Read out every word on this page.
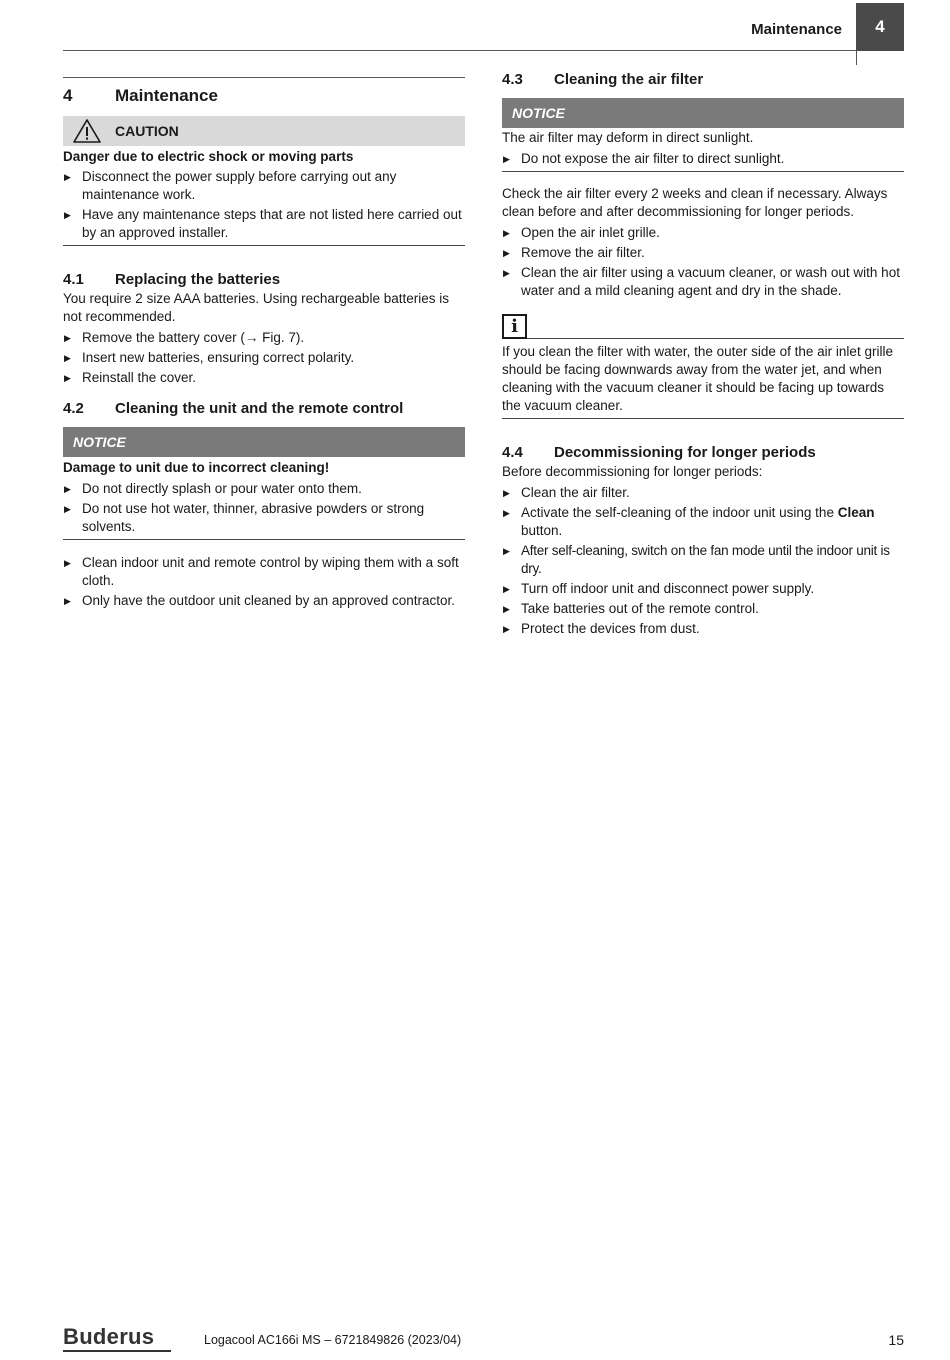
Maintenance 4
4	Maintenance
CAUTION
Danger due to electric shock or moving parts
▶ Disconnect the power supply before carrying out any maintenance work.
▶ Have any maintenance steps that are not listed here carried out by an approved installer.
4.1	Replacing the batteries

You require 2 size AAA batteries. Using rechargeable batteries is not recommended.

▶ Remove the battery cover (→ Fig. 7).
▶ Insert new batteries, ensuring correct polarity.
▶ Reinstall the cover.
4.2	Cleaning the unit and the remote control
NOTICE
Damage to unit due to incorrect cleaning!
▶ Do not directly splash or pour water onto them.
▶ Do not use hot water, thinner, abrasive powders or strong solvents.
▶ Clean indoor unit and remote control by wiping them with a soft cloth.
▶ Only have the outdoor unit cleaned by an approved contractor.
4.3	Cleaning the air filter
NOTICE

The air filter may deform in direct sunlight.

▶ Do not expose the air filter to direct sunlight.

Check the air filter every 2 weeks and clean if necessary. Always clean before and after decommissioning for longer periods.

▶ Open the air inlet grille.
▶ Remove the air filter.
▶ Clean the air filter using a vacuum cleaner, or wash out with hot water and a mild cleaning agent and dry in the shade.
i

If you clean the filter with water, the outer side of the air inlet grille should be facing downwards away from the water jet, and when cleaning with the vacuum cleaner it should be facing up towards the vacuum cleaner.

4.4	Decommissioning for longer periods

Before decommissioning for longer periods:

▶ Clean the air filter.
▶ Activate the self-cleaning of the indoor unit using the Clean button.
▶ After self-cleaning, switch on the fan mode until the indoor unit is dry.
▶ Turn off indoor unit and disconnect power supply.
▶ Take batteries out of the remote control.
▶ Protect the devices from dust.
Buderus	Logacool AC166i MS – 6721849826 (2023/04)	15
